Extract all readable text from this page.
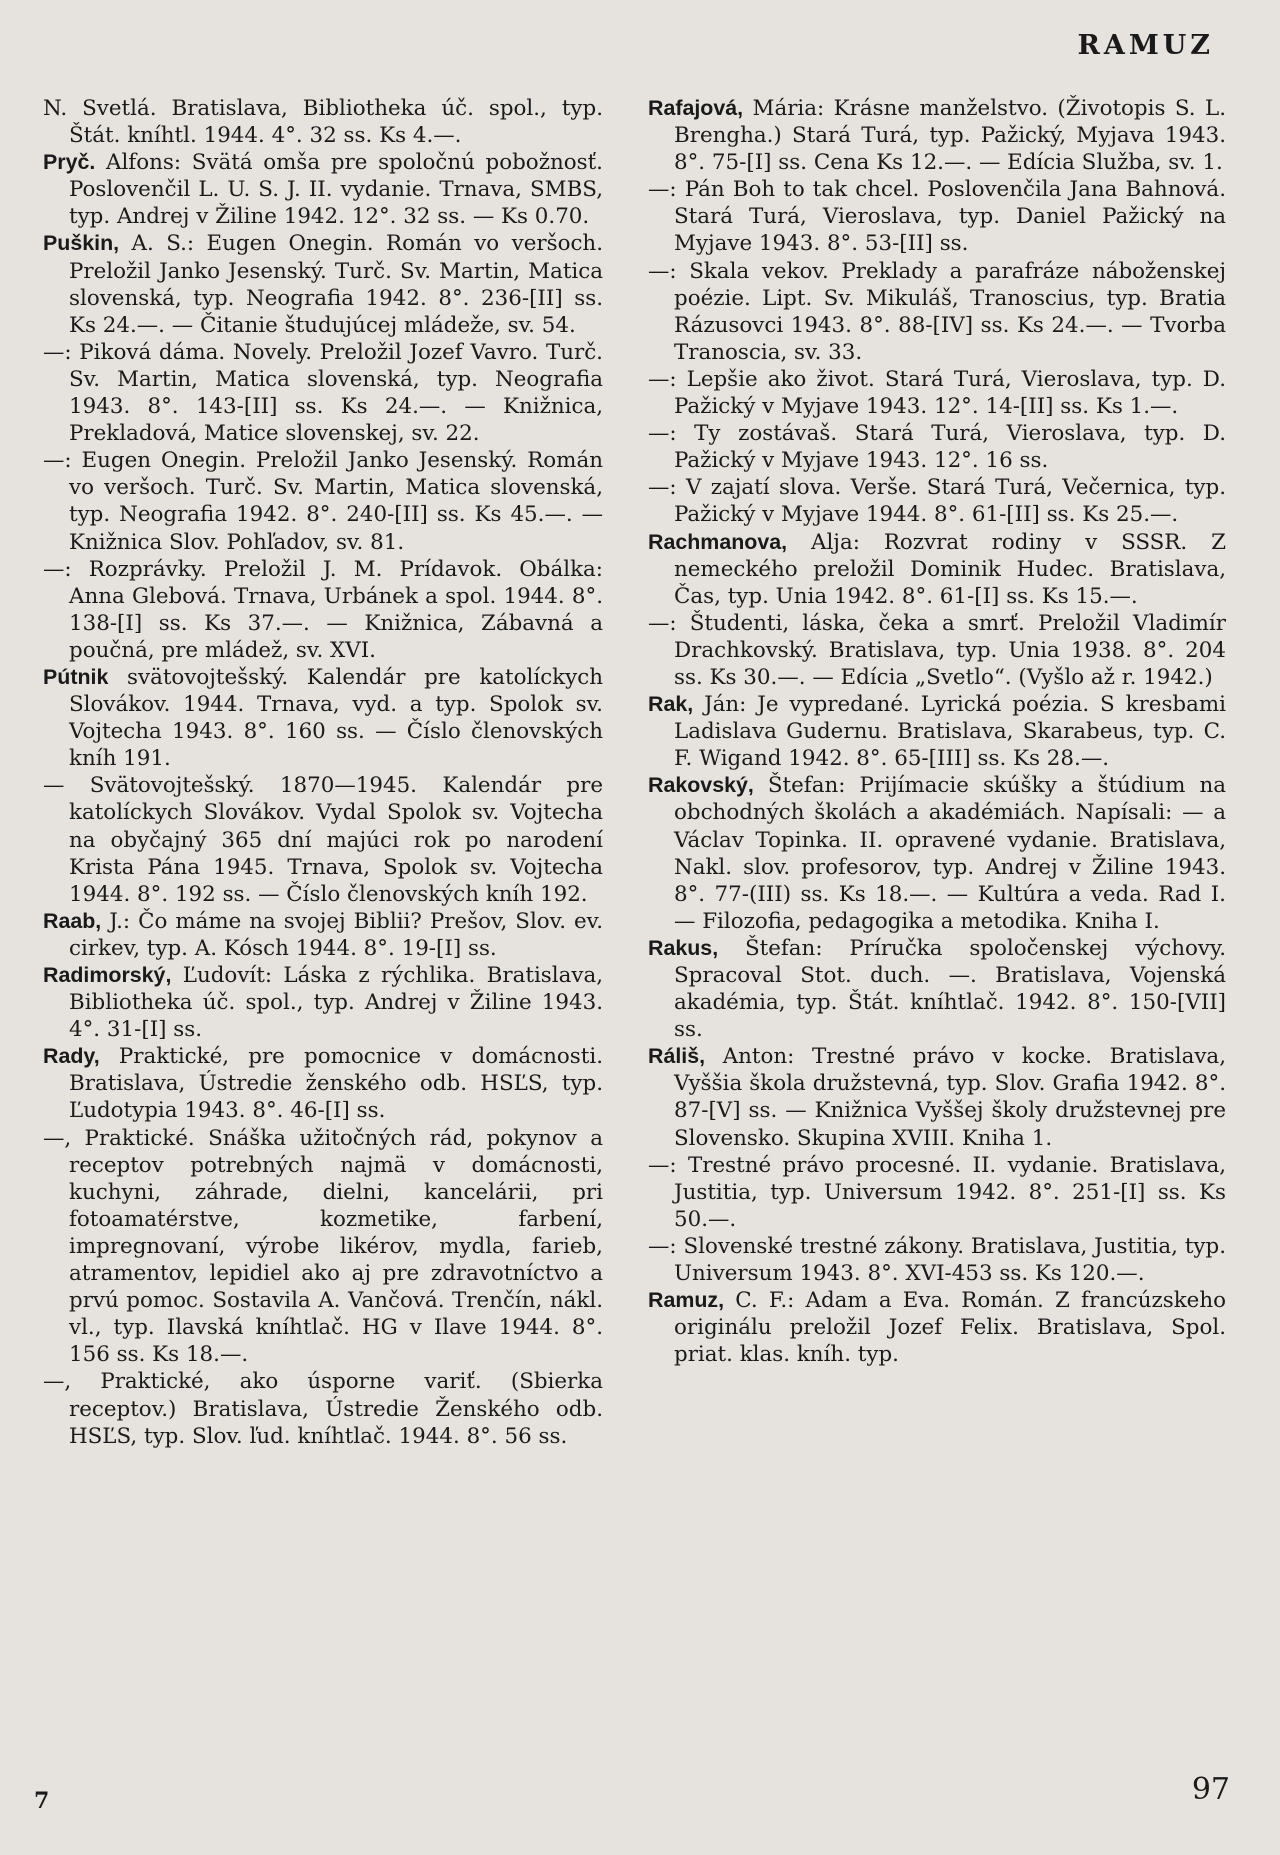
RAMUZ

N. Svetlá. Bratislava, Bibliotheka úč. spol., typ. Štát. kníhtl. 1944. 4°. 32 ss. Ks 4.—.

Pryč. Alfons: Svätá omša pre spoločnú pobožnosť. Poslovenčil L. U. S. J. II. vydanie. Trnava, SMBS, typ. Andrej v Žiline 1942. 12°. 32 ss. — Ks 0.70.

Puškin, A. S.: Eugen Onegin. Román vo veršoch. Preložil Janko Jesenský. Turč. Sv. Martin, Matica slovenská, typ. Neografia 1942. 8°. 236-[II] ss. Ks 24.—. — Čitanie študujúcej mládeže, sv. 54.

—: Piková dáma. Novely. Preložil Jozef Vavro. Turč. Sv. Martin, Matica slovenská, typ. Neografia 1943. 8°. 143-[II] ss. Ks 24.—. — Knižnica, Prekladová, Matice slovenskej, sv. 22.

—: Eugen Onegin. Preložil Janko Jesenský. Román vo veršoch. Turč. Sv. Martin, Matica slovenská, typ. Neografia 1942. 8°. 240-[II] ss. Ks 45.—. — Knižnica Slov. Pohľadov, sv. 81.

—: Rozprávky. Preložil J. M. Prídavok. Obálka: Anna Glebová. Trnava, Urbánek a spol. 1944. 8°. 138-[I] ss. Ks 37.—. — Knižnica, Zábavná a poučná, pre mládež, sv. XVI.

Pútnik svätovojtešský. Kalendár pre katolíckych Slovákov. 1944. Trnava, vyd. a typ. Spolok sv. Vojtecha 1943. 8°. 160 ss. — Číslo členovských kníh 191.

— Svätovojtešský. 1870—1945. Kalendár pre katolíckych Slovákov. Vydal Spolok sv. Vojtecha na obyčajný 365 dní majúci rok po narodení Krista Pána 1945. Trnava, Spolok sv. Vojtecha 1944. 8°. 192 ss. — Číslo členovských kníh 192.

Raab, J.: Čo máme na svojej Biblii? Prešov, Slov. ev. cirkev, typ. A. Kósch 1944. 8°. 19-[I] ss.

Radimorský, Ľudovít: Láska z rýchlika. Bratislava, Bibliotheka úč. spol., typ. Andrej v Žiline 1943. 4°. 31-[I] ss.

Rady, Praktické, pre pomocnice v domácnosti. Bratislava, Ústredie ženského odb. HSĽS, typ. Ľudotypia 1943. 8°. 46-[I] ss.

—, Praktické. Snáška užitočných rád, pokynov a receptov potrebných najmä v domácnosti, kuchyni, záhrade, dielni, kancelárii, pri fotoamatérstve, kozmetike, farbení, impregnovaní, výrobe likérov, mydla, farieb, atramentov, lepidiel ako aj pre zdravotníctvo a prvú pomoc. Sostavila A. Vančová. Trenčín, nákl. vl., typ. Ilavská kníhtlač. HG v Ilave 1944. 8°. 156 ss. Ks 18.—.

—, Praktické, ako úsporne variť. (Sbierka receptov.) Bratislava, Ústredie Ženského odb. HSĽS, typ. Slov. ľud. kníhtlač. 1944. 8°. 56 ss.

Rafajová, Mária: Krásne manželstvo. (Životopis S. L. Brengha.) Stará Turá, typ. Pažický, Myjava 1943. 8°. 75-[I] ss. Cena Ks 12.—. — Edícia Služba, sv. 1.

—: Pán Boh to tak chcel. Poslovenčila Jana Bahnová. Stará Turá, Vieroslava, typ. Daniel Pažický na Myjave 1943. 8°. 53-[II] ss.

—: Skala vekov. Preklady a parafráze náboženskej poézie. Lipt. Sv. Mikuláš, Tranoscius, typ. Bratia Rázusovci 1943. 8°. 88-[IV] ss. Ks 24.—. — Tvorba Tranoscia, sv. 33.

—: Lepšie ako život. Stará Turá, Vieroslava, typ. D. Pažický v Myjave 1943. 12°. 14-[II] ss. Ks 1.—.

—: Ty zostávaš. Stará Turá, Vieroslava, typ. D. Pažický v Myjave 1943. 12°. 16 ss.

—: V zajatí slova. Verše. Stará Turá, Večernica, typ. Pažický v Myjave 1944. 8°. 61-[II] ss. Ks 25.—.

Rachmanova, Alja: Rozvrat rodiny v SSSR. Z nemeckého preložil Dominik Hudec. Bratislava, Čas, typ. Unia 1942. 8°. 61-[I] ss. Ks 15.—.

—: Študenti, láska, čeka a smrť. Preložil Vladimír Drachkovský. Bratislava, typ. Unia 1938. 8°. 204 ss. Ks 30.—. — Edícia „Svetlo“. (Vyšlo až r. 1942.)

Rak, Ján: Je vypredané. Lyrická poézia. S kresbami Ladislava Gudernu. Bratislava, Skarabeus, typ. C. F. Wigand 1942. 8°. 65-[III] ss. Ks 28.—.

Rakovský, Štefan: Prijímacie skúšky a štúdium na obchodných školách a akadémiách. Napísali: — a Václav Topinka. II. opravené vydanie. Bratislava, Nakl. slov. profesorov, typ. Andrej v Žiline 1943. 8°. 77-(III) ss. Ks 18.—. — Kultúra a veda. Rad I. — Filozofia, pedagogika a metodika. Kniha I.

Rakus, Štefan: Príručka spoločenskej výchovy. Spracoval Stot. duch. —. Bratislava, Vojenská akadémia, typ. Štát. kníhtlač. 1942. 8°. 150-[VII] ss.

Ráliš, Anton: Trestné právo v kocke. Bratislava, Vyššia škola družstevná, typ. Slov. Grafia 1942. 8°. 87-[V] ss. — Knižnica Vyššej školy družstevnej pre Slovensko. Skupina XVIII. Kniha 1.

—: Trestné právo procesné. II. vydanie. Bratislava, Justitia, typ. Universum 1942. 8°. 251-[I] ss. Ks 50.—.

—: Slovenské trestné zákony. Bratislava, Justitia, typ. Universum 1943. 8°. XVI-453 ss. Ks 120.—.

Ramuz, C. F.: Adam a Eva. Román. Z francúzskeho originálu preložil Jozef Felix. Bratislava, Spol. priat. klas. kníh. typ.

7	97
